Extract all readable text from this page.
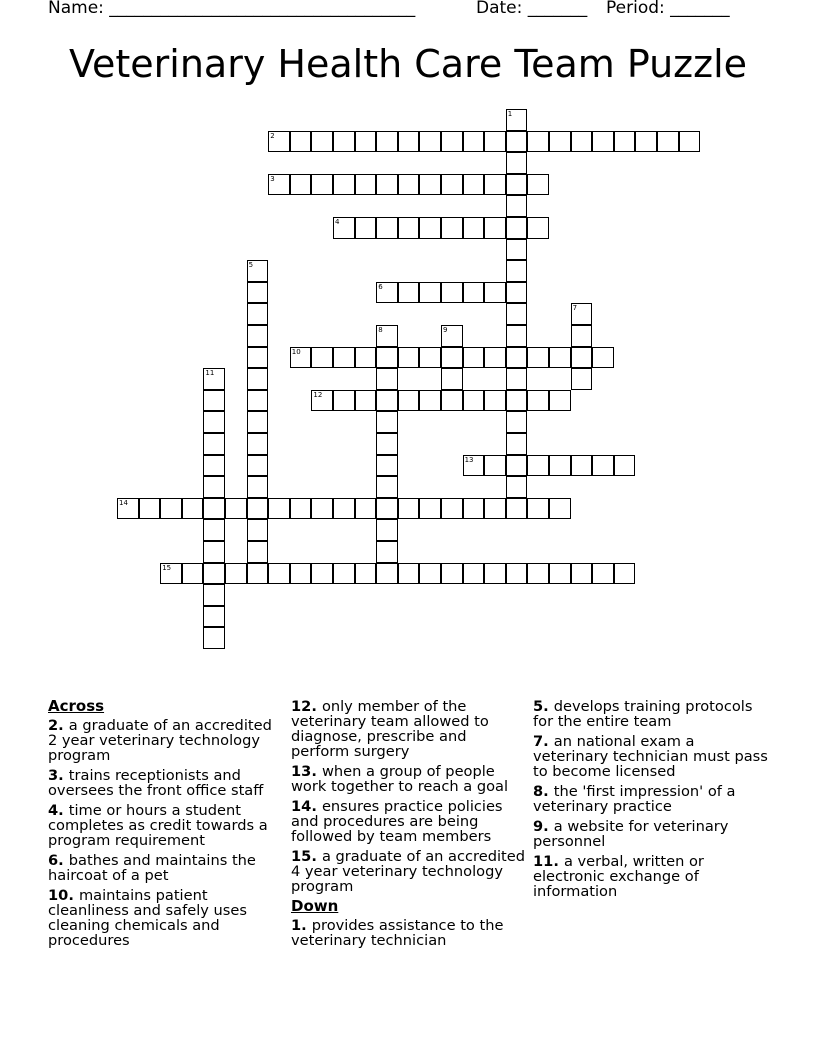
Name: ____________________________________	Date: _______ Period: _______
Veterinary Health Care Team Puzzle
1
2
3
4
5
6
7
8	9
10
11
12
13
14
15
Across
2. a graduate of an accredited 2 year veterinary technology program
3. trains receptionists and oversees the front office staff
4. time or hours a student completes as credit towards a program requirement
6. bathes and maintains the haircoat of a pet
10. maintains patient cleanliness and safely uses cleaning chemicals and procedures
12. only member of the veterinary team allowed to diagnose, prescribe and perform surgery
13. when a group of people work together to reach a goal
14. ensures practice policies and procedures are being followed by team members
15. a graduate of an accredited 4 year veterinary technology program
Down
1. provides assistance to the veterinary technician
5. develops training protocols for the entire team
7. an national exam a veterinary technician must pass to become licensed
8. the 'first impression' of a veterinary practice
9. a website for veterinary personnel
11. a verbal, written or electronic exchange of information
